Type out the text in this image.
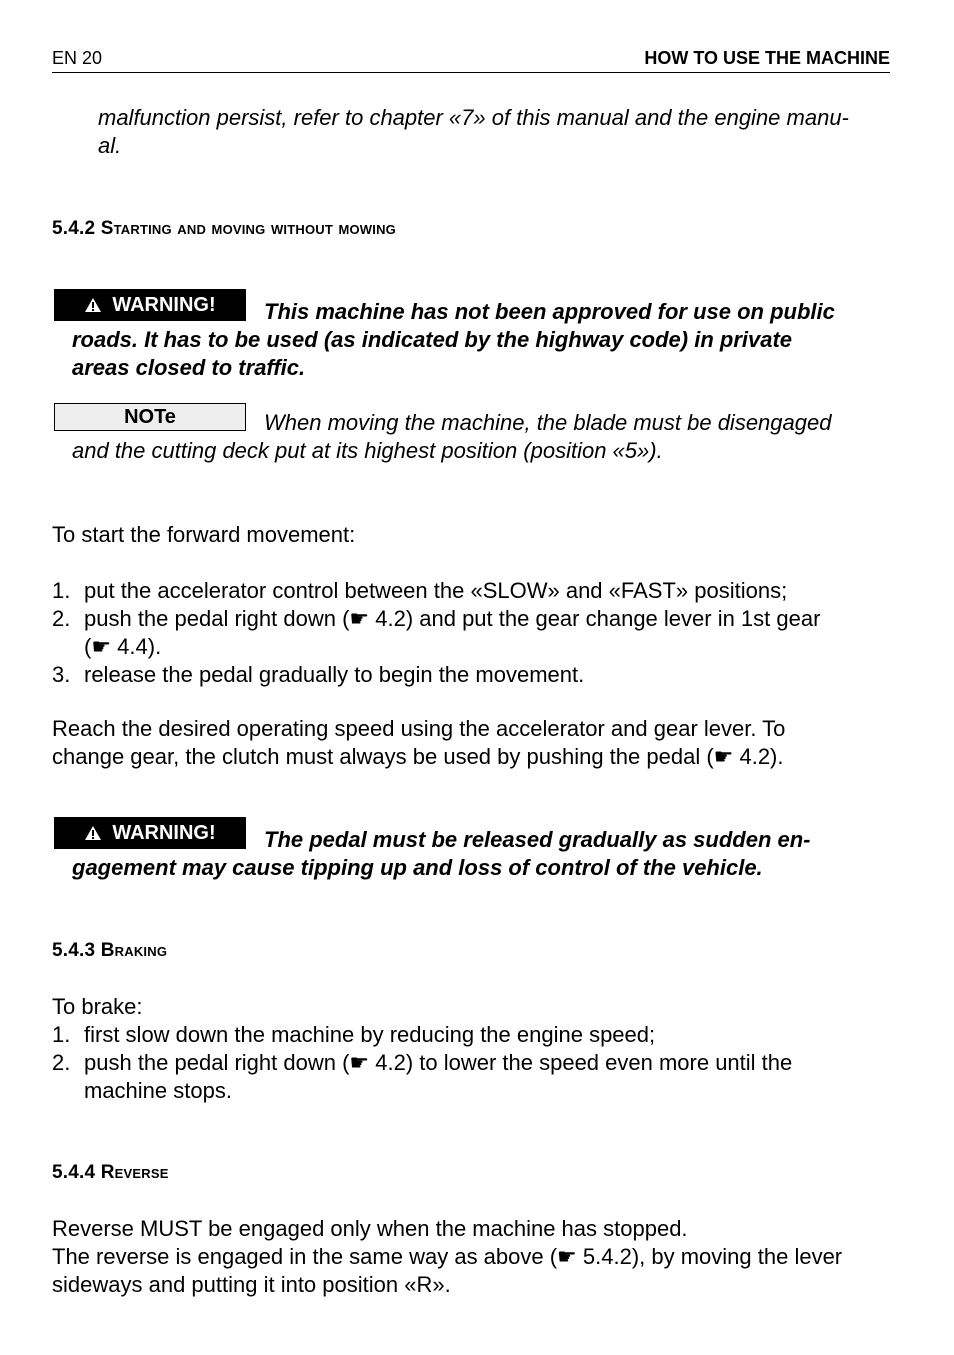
EN 20	HOW TO USE THE MACHINE

malfunction persist, refer to chapter «7» of this manual and the engine manu-
al.

5.4.2 Starting and moving without mowing
WARNING!	This machine has not been approved for use on public
roads. It has to be used (as indicated by the highway code) in private
areas closed to traffic.
NOTe	When moving the machine, the blade must be disengaged
and the cutting deck put at its highest position (position «5»).

To start the forward movement:

1. put the accelerator control between the «SLOW» and «FAST» positions;
2. push the pedal right down (☛ 4.2) and put the gear change lever in 1st gear
(☛ 4.4).
3. release the pedal gradually to begin the movement.

Reach the desired operating speed using the accelerator and gear lever. To
change gear, the clutch must always be used by pushing the pedal (☛ 4.2).

WARNING!	The pedal must be released gradually as sudden en-
gagement may cause tipping up and loss of control of the vehicle.
5.4.3 Braking

To brake:

1. first slow down the machine by reducing the engine speed;
2. push the pedal right down (☛ 4.2) to lower the speed even more until the
machine stops.
5.4.4 Reverse

Reverse MUST be engaged only when the machine has stopped.
The reverse is engaged in the same way as above (☛ 5.4.2), by moving the lever
sideways and putting it into position «R».
